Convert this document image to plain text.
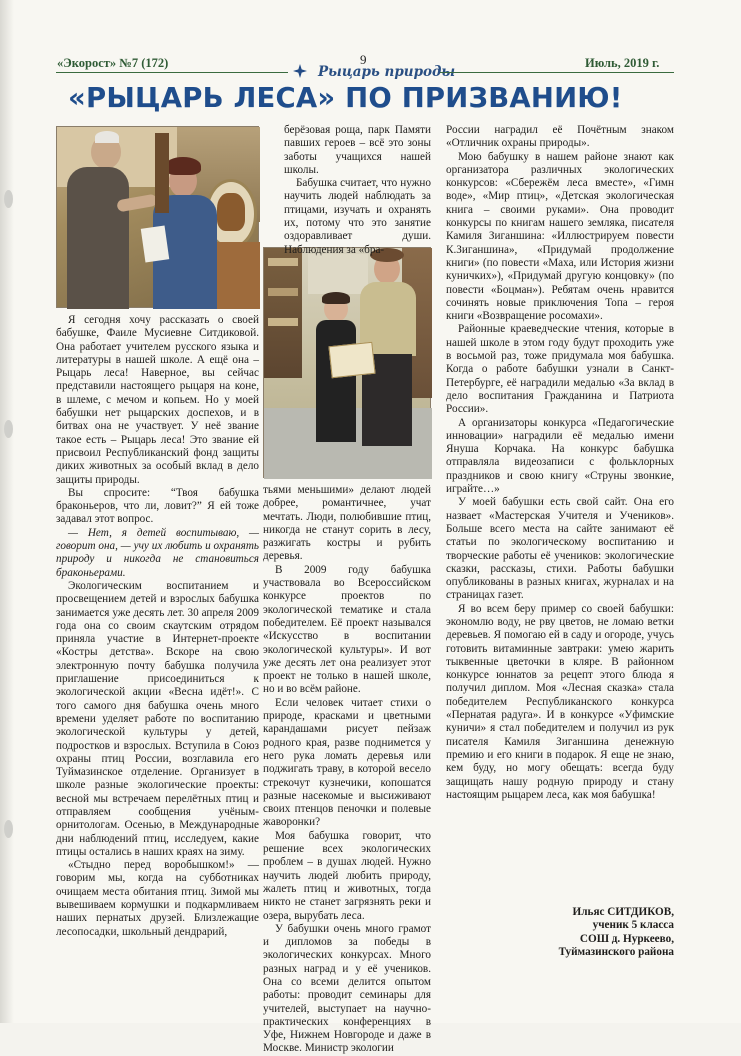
«Экорост» №7 (172)	9	Июль, 2019 г.
Рыцарь природы
«РЫЦАРЬ ЛЕСА» ПО ПРИЗВАНИЮ!

Я сегодня хочу рассказать о своей бабушке, Фаиле Мусиевне Ситдиковой. Она работает учителем русского языка и литературы в нашей школе. А ещё она – Рыцарь леса! Наверное, вы сейчас представили настоящего рыцаря на коне, в шлеме, с мечом и копьем. Но у моей бабушки нет рыцарских доспехов, и в битвах она не участвует. У неё звание такое есть – Рыцарь леса! Это звание ей присвоил Республиканский фонд защиты диких животных за особый вклад в дело защиты природы.

Вы спросите: “Твоя бабушка браконьеров, что ли, ловит?” Я ей тоже задавал этот вопрос.

— Нет, я детей воспитываю, — говорит она, — учу их любить и охранять природу и никогда не становиться браконьерами.

Экологическим воспитанием и просвещением детей и взрослых бабушка занимается уже десять лет. 30 апреля 2009 года она со своим скаутским отрядом приняла участие в Интернет-проекте «Костры детства». Вскоре на свою электронную почту бабушка получила приглашение присоединиться к экологической акции «Весна идёт!». С того самого дня бабушка очень много времени уделяет работе по воспитанию экологической культуры у детей, подростков и взрослых. Вступила в Союз охраны птиц России, возглавила его Туймазинское отделение. Организует в школе разные экологические проекты: весной мы встречаем перелётных птиц и отправляем сообщения учёным-орнитологам. Осенью, в Международные дни наблюдений птиц, исследуем, какие птицы остались в наших краях на зиму.

«Стыдно перед воробышком!» — говорим мы, когда на субботниках очищаем места обитания птиц. Зимой мы вывешиваем кормушки и подкармливаем наших пернатых друзей. Близлежащие лесопосадки, школьный дендрарий,

берёзовая роща, парк Памяти павших героев – всё это зоны заботы учащихся нашей школы.

Бабушка считает, что нужно научить людей наблюдать за птицами, изучать и охранять их, потому что это занятие оздоравливает души. Наблюдения за «бра-

тьями меньшими» делают людей добрее, романтичнее, учат мечтать. Люди, полюбившие птиц, никогда не станут сорить в лесу, разжигать костры и рубить деревья.

В 2009 году бабушка участвовала во Всероссийском конкурсе проектов по экологической тематике и стала победителем. Её проект назывался «Искусство в воспитании экологической культуры». И вот уже десять лет она реализует этот проект не только в нашей школе, но и во всём районе.

Если человек читает стихи о природе, красками и цветными карандашами рисует пейзаж родного края, разве поднимется у него рука ломать деревья или поджигать траву, в которой весело стрекочут кузнечики, копошатся разные насекомые и высиживают своих птенцов пеночки и полевые жаворонки?

Моя бабушка говорит, что решение всех экологических проблем – в душах людей. Нужно научить людей любить природу, жалеть птиц и животных, тогда никто не станет загрязнять реки и озера, вырубать леса.

У бабушки очень много грамот и дипломов за победы в экологических конкурсах. Много разных наград и у её учеников. Она со всеми делится опытом работы: проводит семинары для учителей, выступает на научно-практических конференциях в Уфе, Нижнем Новгороде и даже в Москве. Министр экологии

России наградил её Почётным знаком «Отличник охраны природы».

Мою бабушку в нашем районе знают как организатора различных экологических конкурсов: «Сбережём леса вместе», «Гимн воде», «Мир птиц», «Детская экологическая книга – своими руками». Она проводит конкурсы по книгам нашего земляка, писателя Камиля Зиганшина: «Иллюстрируем повести К.Зиганшина», «Придумай продолжение книги» (по повести «Маха, или История жизни куничких»), «Придумай другую концовку» (по повести «Боцман»). Ребятам очень нравится сочинять новые приключения Топа – героя книги «Возвращение росомахи».

Районные краеведческие чтения, которые в нашей школе в этом году будут проходить уже в восьмой раз, тоже придумала моя бабушка. Когда о работе бабушки узнали в Санкт-Петербурге, её наградили медалью «За вклад в дело воспитания Гражданина и Патриота России».

А организаторы конкурса «Педагогические инновации» наградили её медалью имени Януша Корчака. На конкурс бабушка отправляла видеозаписи с фольклорных праздников и свою книгу «Струны звонкие, играйте…»

У моей бабушки есть свой сайт. Она его назвает «Мастерская Учителя и Учеников». Больше всего места на сайте занимают её статьи по экологическому воспитанию и творческие работы её учеников: экологические сказки, рассказы, стихи. Работы бабушки опубликованы в разных книгах, журналах и на страницах газет.

Я во всем беру пример со своей бабушки: экономлю воду, не рву цветов, не ломаю ветки деревьев. Я помогаю ей в саду и огороде, учусь готовить витаминные завтраки: умею жарить тыквенные цветочки в кляре. В районном конкурсе юннатов за рецепт этого блюда я получил диплом. Моя «Лесная сказка» стала победителем Республиканского конкурса «Пернатая радуга». И в конкурсе «Уфимские куничи» я стал победителем и получил из рук писателя Камиля Зиганшина денежную премию и его книги в подарок. Я еще не знаю, кем буду, но могу обещать: всегда буду защищать нашу родную природу и стану настоящим рыцарем леса, как моя бабушка!

Ильяс СИТДИКОВ,
ученик 5 класса
СОШ д. Нуркеево,
Туймазинского района
